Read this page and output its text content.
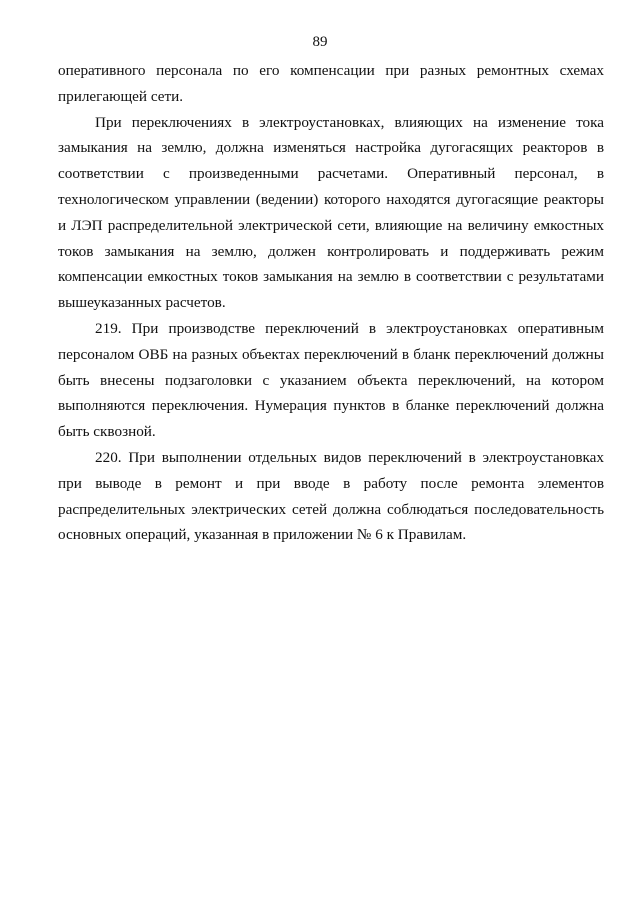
89

оперативного персонала по его компенсации при разных ремонтных схемах прилегающей сети.

При переключениях в электроустановках, влияющих на изменение тока замыкания на землю, должна изменяться настройка дугогасящих реакторов в соответствии с произведенными расчетами. Оперативный персонал, в технологическом управлении (ведении) которого находятся дугогасящие реакторы и ЛЭП распределительной электрической сети, влияющие на величину емкостных токов замыкания на землю, должен контролировать и поддерживать режим компенсации емкостных токов замыкания на землю в соответствии с результатами вышеуказанных расчетов.

219. При производстве переключений в электроустановках оперативным персоналом ОВБ на разных объектах переключений в бланк переключений должны быть внесены подзаголовки с указанием объекта переключений, на котором выполняются переключения. Нумерация пунктов в бланке переключений должна быть сквозной.

220. При выполнении отдельных видов переключений в электроустановках при выводе в ремонт и при вводе в работу после ремонта элементов распределительных электрических сетей должна соблюдаться последовательность основных операций, указанная в приложении № 6 к Правилам.
